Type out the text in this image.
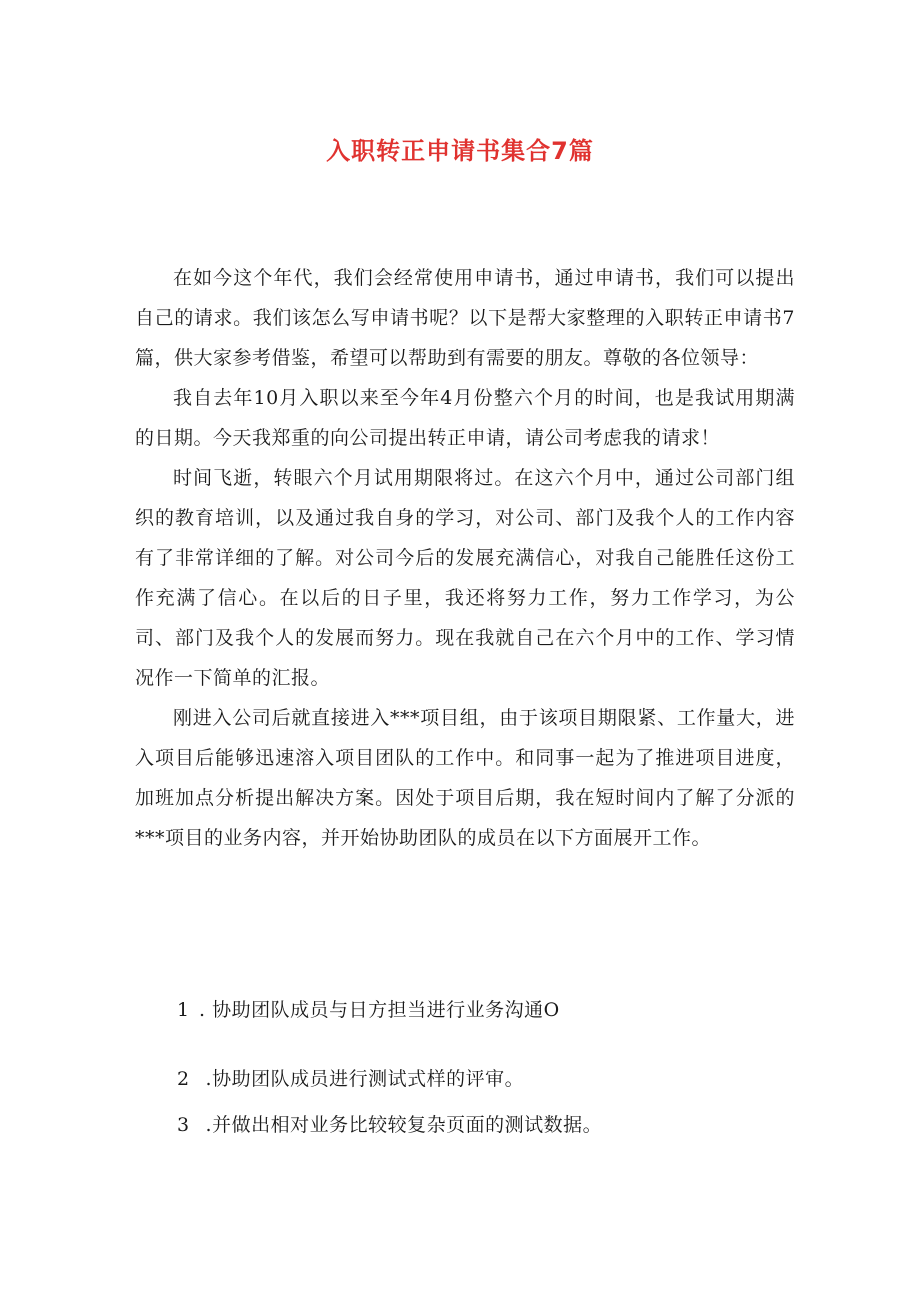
入职转正申请书集合7篇

在如今这个年代，我们会经常使用申请书，通过申请书，我们可以提出自己的请求。我们该怎么写申请书呢？以下是帮大家整理的入职转正申请书7篇，供大家参考借鉴，希望可以帮助到有需要的朋友。尊敬的各位领导：

我自去年10月入职以来至今年4月份整六个月的时间，也是我试用期满的日期。今天我郑重的向公司提出转正申请，请公司考虑我的请求！

时间飞逝，转眼六个月试用期限将过。在这六个月中，通过公司部门组织的教育培训，以及通过我自身的学习，对公司、部门及我个人的工作内容有了非常详细的了解。对公司今后的发展充满信心，对我自己能胜任这份工作充满了信心。在以后的日子里，我还将努力工作，努力工作学习，为公司、部门及我个人的发展而努力。现在我就自己在六个月中的工作、学习情况作一下简单的汇报。

刚进入公司后就直接进入***项目组，由于该项目期限紧、工作量大，进入项目后能够迅速溶入项目团队的工作中。和同事一起为了推进项目进度，加班加点分析提出解决方案。因处于项目后期，我在短时间内了解了分派的***项目的业务内容，并开始协助团队的成员在以下方面展开工作。

1 . 协助团队成员与日方担当进行业务沟通O
2 .协助团队成员进行测试式样的评审。
3 .并做出相对业务比较较复杂页面的测试数据。
